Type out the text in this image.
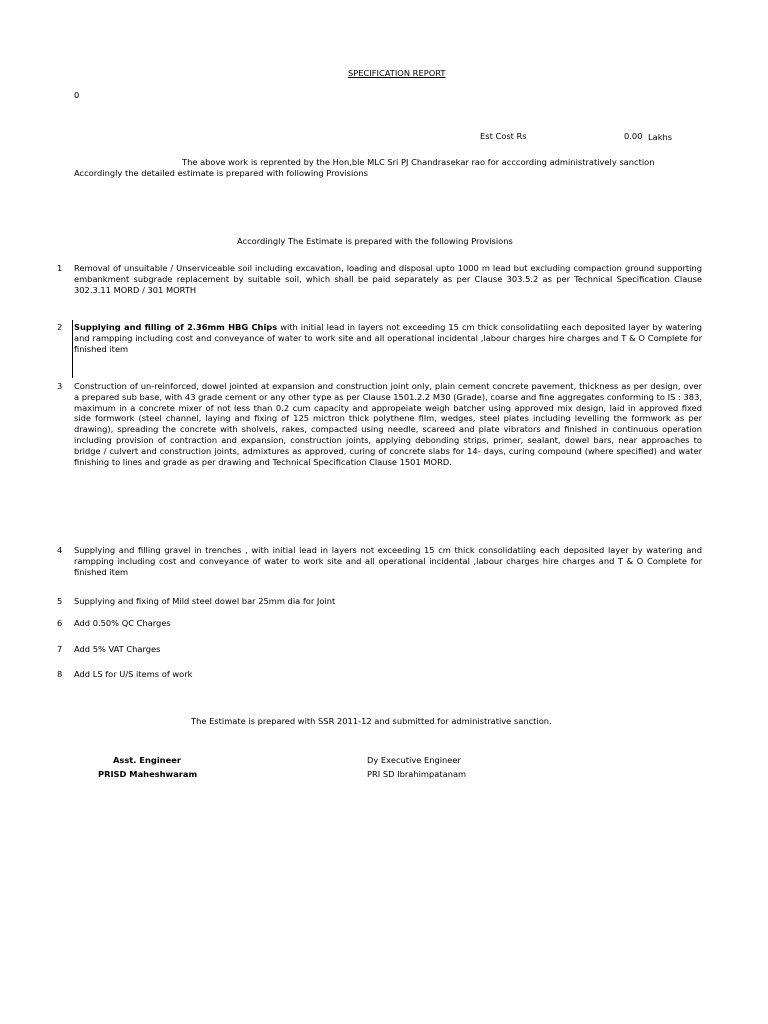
SPECIFICATION REPORT
0
Est Cost Rs	0.00 Lakhs
The above work is reprented by the Hon,ble MLC Sri PJ Chandrasekar rao for acccording administratively sanction
Accordingly the detailed estimate is prepared with following Provisions
Accordingly The Estimate is prepared with the following Provisions
1 Removal of unsuitable / Unserviceable soil including excavation, loading and disposal upto 1000 m lead but excluding compaction ground supporting embankment subgrade replacement by suitable soil, which shall be paid separately as per Clause 303.5.2 as per Technical Specification Clause 302.3.11 MORD / 301 MORTH
2 Supplying and filling of 2.36mm HBG Chips with initial lead in layers not exceeding 15 cm thick consolidatiing each deposited layer by watering and rampping including cost and conveyance of water to work site and all operational incidental ,labour charges hire charges and T & O Complete for finished item
3 Construction of un-reinforced, dowel jointed at expansion and construction joint only, plain cement concrete pavement, thickness as per design, over a prepared sub base, with 43 grade cement or any other type as per Clause 1501.2.2 M30 (Grade), coarse and fine aggregates conforming to IS : 383, maximum in a concrete mixer of not less than 0.2 cum capacity and appropeiate weigh batcher using approved mix design, laid in approved fixed side formwork (steel channel, laying and fixing of 125 mictron thick polythene film, wedges, steel plates including levelling the formwork as per drawing), spreading the concrete with sholvels, rakes, compacted using needle, scareed and plate vibrators and finished in continuous operation including provision of contraction and expansion, construction joints, applying debonding strips, primer, sealant, dowel bars, near approaches to bridge / culvert and construction joints, admixtures as approved, curing of concrete slabs for 14- days, curing compound (where specified) and water finishing to lines and grade as per drawing and Technical Specification Clause 1501 MORD.
4 Supplying and filling gravel in trenches , with initial lead in layers not exceeding 15 cm thick consolidatiing each deposited layer by watering and rampping including cost and conveyance of water to work site and all operational incidental ,labour charges hire charges and T & O Complete for finished item
5 Supplying and fixing of Mild steel dowel bar 25mm dia for Joint
6 Add 0.50% QC Charges
7 Add 5% VAT Charges
8 Add LS for U/S items of work
The Estimate is prepared with SSR 2011-12 and submitted for administrative sanction.
Asst. Engineer
PRISD Maheshwaram
Dy Executive Engineer
PRI SD Ibrahimpatanam
